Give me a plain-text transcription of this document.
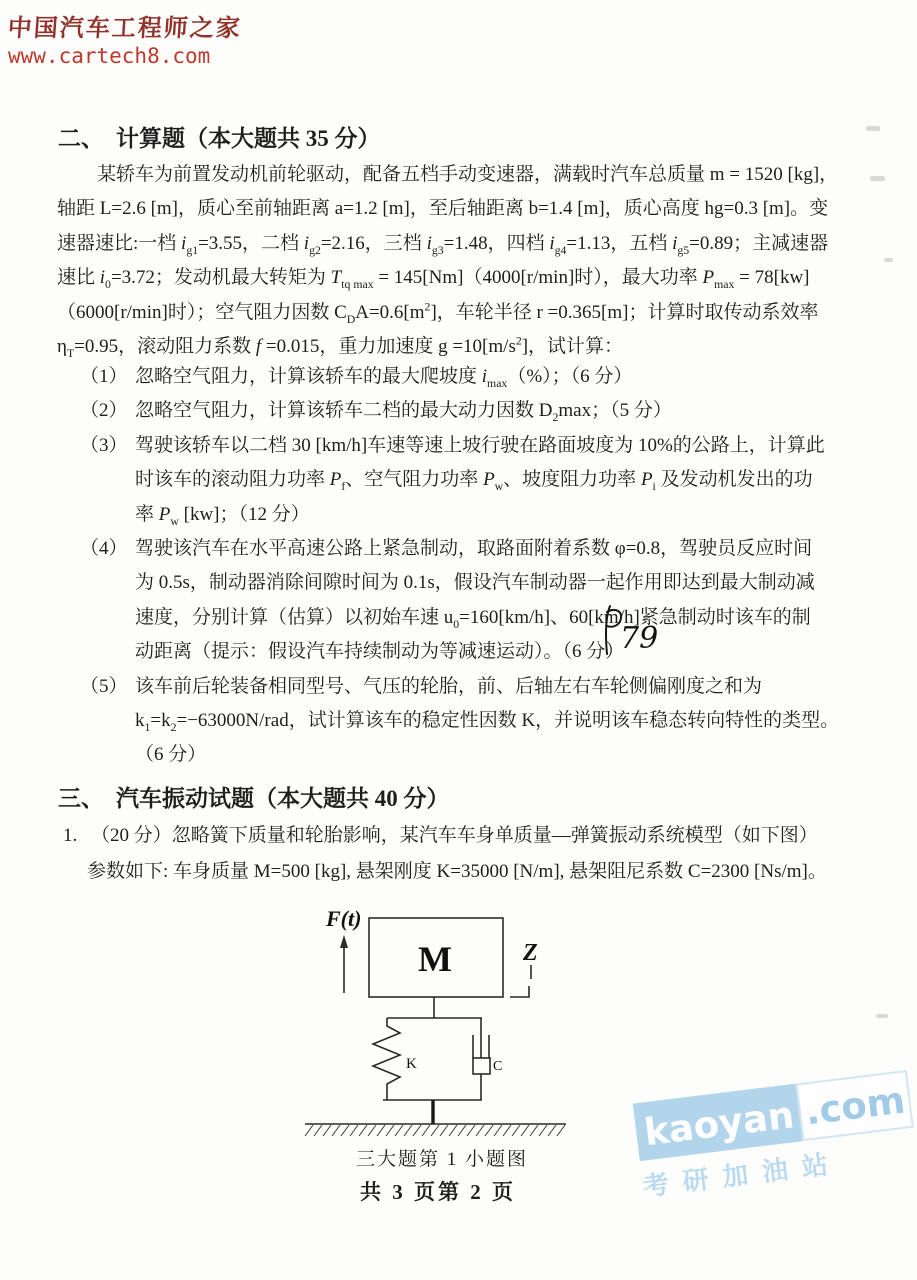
中国汽车工程师之家
www.cartech8.com
二、 计算题（本大题共 35 分）
某轿车为前置发动机前轮驱动，配备五档手动变速器，满载时汽车总质量 m = 1520 [kg]，
轴距 L=2.6 [m]，质心至前轴距离 a=1.2 [m]，至后轴距离 b=1.4 [m]，质心高度 hg=0.3 [m]。变
速器速比:一档 $i_{g1}=3.55$，二档 $i_{g2}=2.16$，三档 $i_{g3}=1.48$，四档 $i_{g4}=1.13$，五档 $i_{g5}=0.89$；主减速器
速比 $i_0=3.72$；发动机最大转矩为 $T_{tq max} = 145[Nm](4000[r/\min]$时），最大功率 $P_{max} = 78[kw]$
（6000[r/min]时）；空气阻力因数 $C_DA=0.6[m^2]$，车轮半径 r =0.365[m]；计算时取传动系效率
$\eta_T=0.95$，滚动阻力系数 f =0.015，重力加速度 $g =10[m/s^2]$，试计算：
（1） 忽略空气阻力，计算该轿车的最大爬坡度 $i_{max}(\%)$；（6 分）
（2） 忽略空气阻力，计算该轿车二档的最大动力因数 $D_2\max$；（5 分）
（3） 驾驶该轿车以二档 30 [km/h]车速等速上坡行驶在路面坡度为 10%的公路上，计算此
时该车的滚动阻力功率 $P_f$、空气阻力功率 $P_w$、坡度阻力功率 $P_i$ 及发动机发出的功
率 $P_w$ [kw]；（12 分）
（4） 驾驶该汽车在水平高速公路上紧急制动，取路面附着系数 φ=0.8，驾驶员反应时间
为 0.5s，制动器消除间隙时间为 0.1s，假设汽车制动器一起作用即达到最大制动减
速度，分别计算（估算）以初始车速 $u_0=160[km/h]$、60[km/h]紧急制动时该车的制
动距离（提示：假设汽车持续制动为等减速运动）。（6 分）
（5） 该车前后轮装备相同型号、气压的轮胎，前、后轴左右车轮侧偏刚度之和为
$k_1=k_2=-63000N$/rad，试计算该车的稳定性因数 K，并说明该车稳态转向特性的类型。
（6 分）
79
三、 汽车振动试题（本大题共 40 分）
1. （20 分）忽略簧下质量和轮胎影响，某汽车车身单质量—弹簧振动系统模型（如下图）
参数如下: 车身质量 M=500 [kg], 悬架刚度 K=35000 [N/m], 悬架阻尼系数 C=2300 [Ns/m]。
F(t)
M	Z
K	C
三大题第 1 小题图
共 3 页第 2 页
kaoyan .com
考研加油站
